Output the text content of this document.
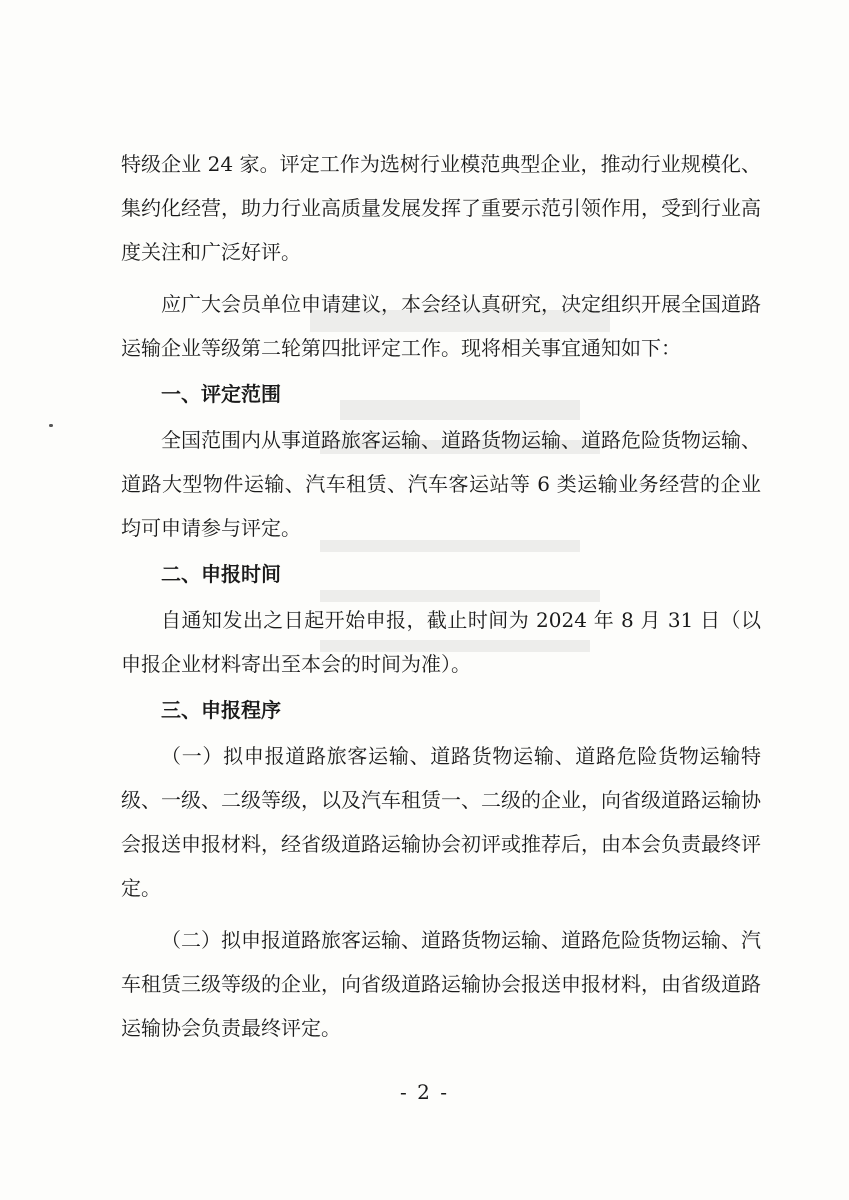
特级企业 24 家。评定工作为选树行业模范典型企业，推动行业规模化、集约化经营，助力行业高质量发展发挥了重要示范引领作用，受到行业高度关注和广泛好评。

应广大会员单位申请建议，本会经认真研究，决定组织开展全国道路运输企业等级第二轮第四批评定工作。现将相关事宜通知如下：

一、评定范围

全国范围内从事道路旅客运输、道路货物运输、道路危险货物运输、道路大型物件运输、汽车租赁、汽车客运站等 6 类运输业务经营的企业均可申请参与评定。

二、申报时间

自通知发出之日起开始申报，截止时间为 2024 年 8 月 31 日（以申报企业材料寄出至本会的时间为准）。

三、申报程序

（一）拟申报道路旅客运输、道路货物运输、道路危险货物运输特级、一级、二级等级，以及汽车租赁一、二级的企业，向省级道路运输协会报送申报材料，经省级道路运输协会初评或推荐后，由本会负责最终评定。

（二）拟申报道路旅客运输、道路货物运输、道路危险货物运输、汽车租赁三级等级的企业，向省级道路运输协会报送申报材料，由省级道路运输协会负责最终评定。

- 2 -
